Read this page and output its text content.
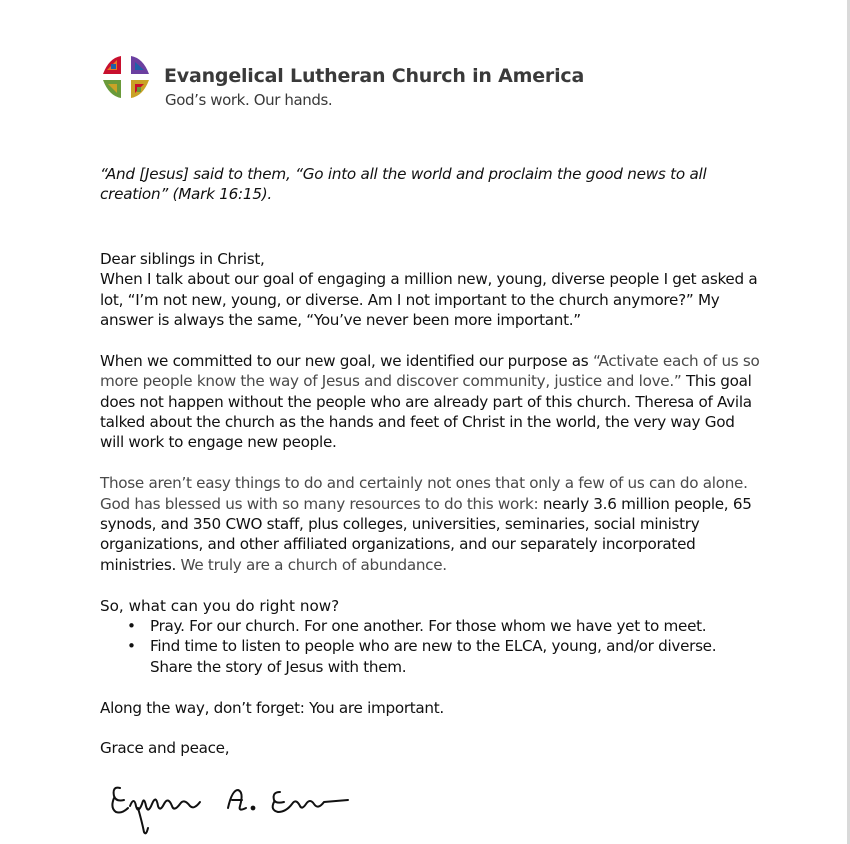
Evangelical Lutheran Church in America
God’s work. Our hands.

“And [Jesus] said to them, “Go into all the world and proclaim the good news to all creation” (Mark 16:15).

Dear siblings in Christ,
When I talk about our goal of engaging a million new, young, diverse people I get asked a lot, “I’m not new, young, or diverse. Am I not important to the church anymore?” My answer is always the same, “You’ve never been more important.”

When we committed to our new goal, we identified our purpose as “Activate each of us so more people know the way of Jesus and discover community, justice and love.” This goal does not happen without the people who are already part of this church. Theresa of Avila talked about the church as the hands and feet of Christ in the world, the very way God will work to engage new people.

Those aren’t easy things to do and certainly not ones that only a few of us can do alone. God has blessed us with so many resources to do this work: nearly 3.6 million people, 65 synods, and 350 CWO staff, plus colleges, universities, seminaries, social ministry organizations, and other affiliated organizations, and our separately incorporated ministries. We truly are a church of abundance.

So, what can you do right now?
• Pray. For our church. For one another. For those whom we have yet to meet.
• Find time to listen to people who are new to the ELCA, young, and/or diverse. Share the story of Jesus with them.

Along the way, don’t forget: You are important.

Grace and peace,
